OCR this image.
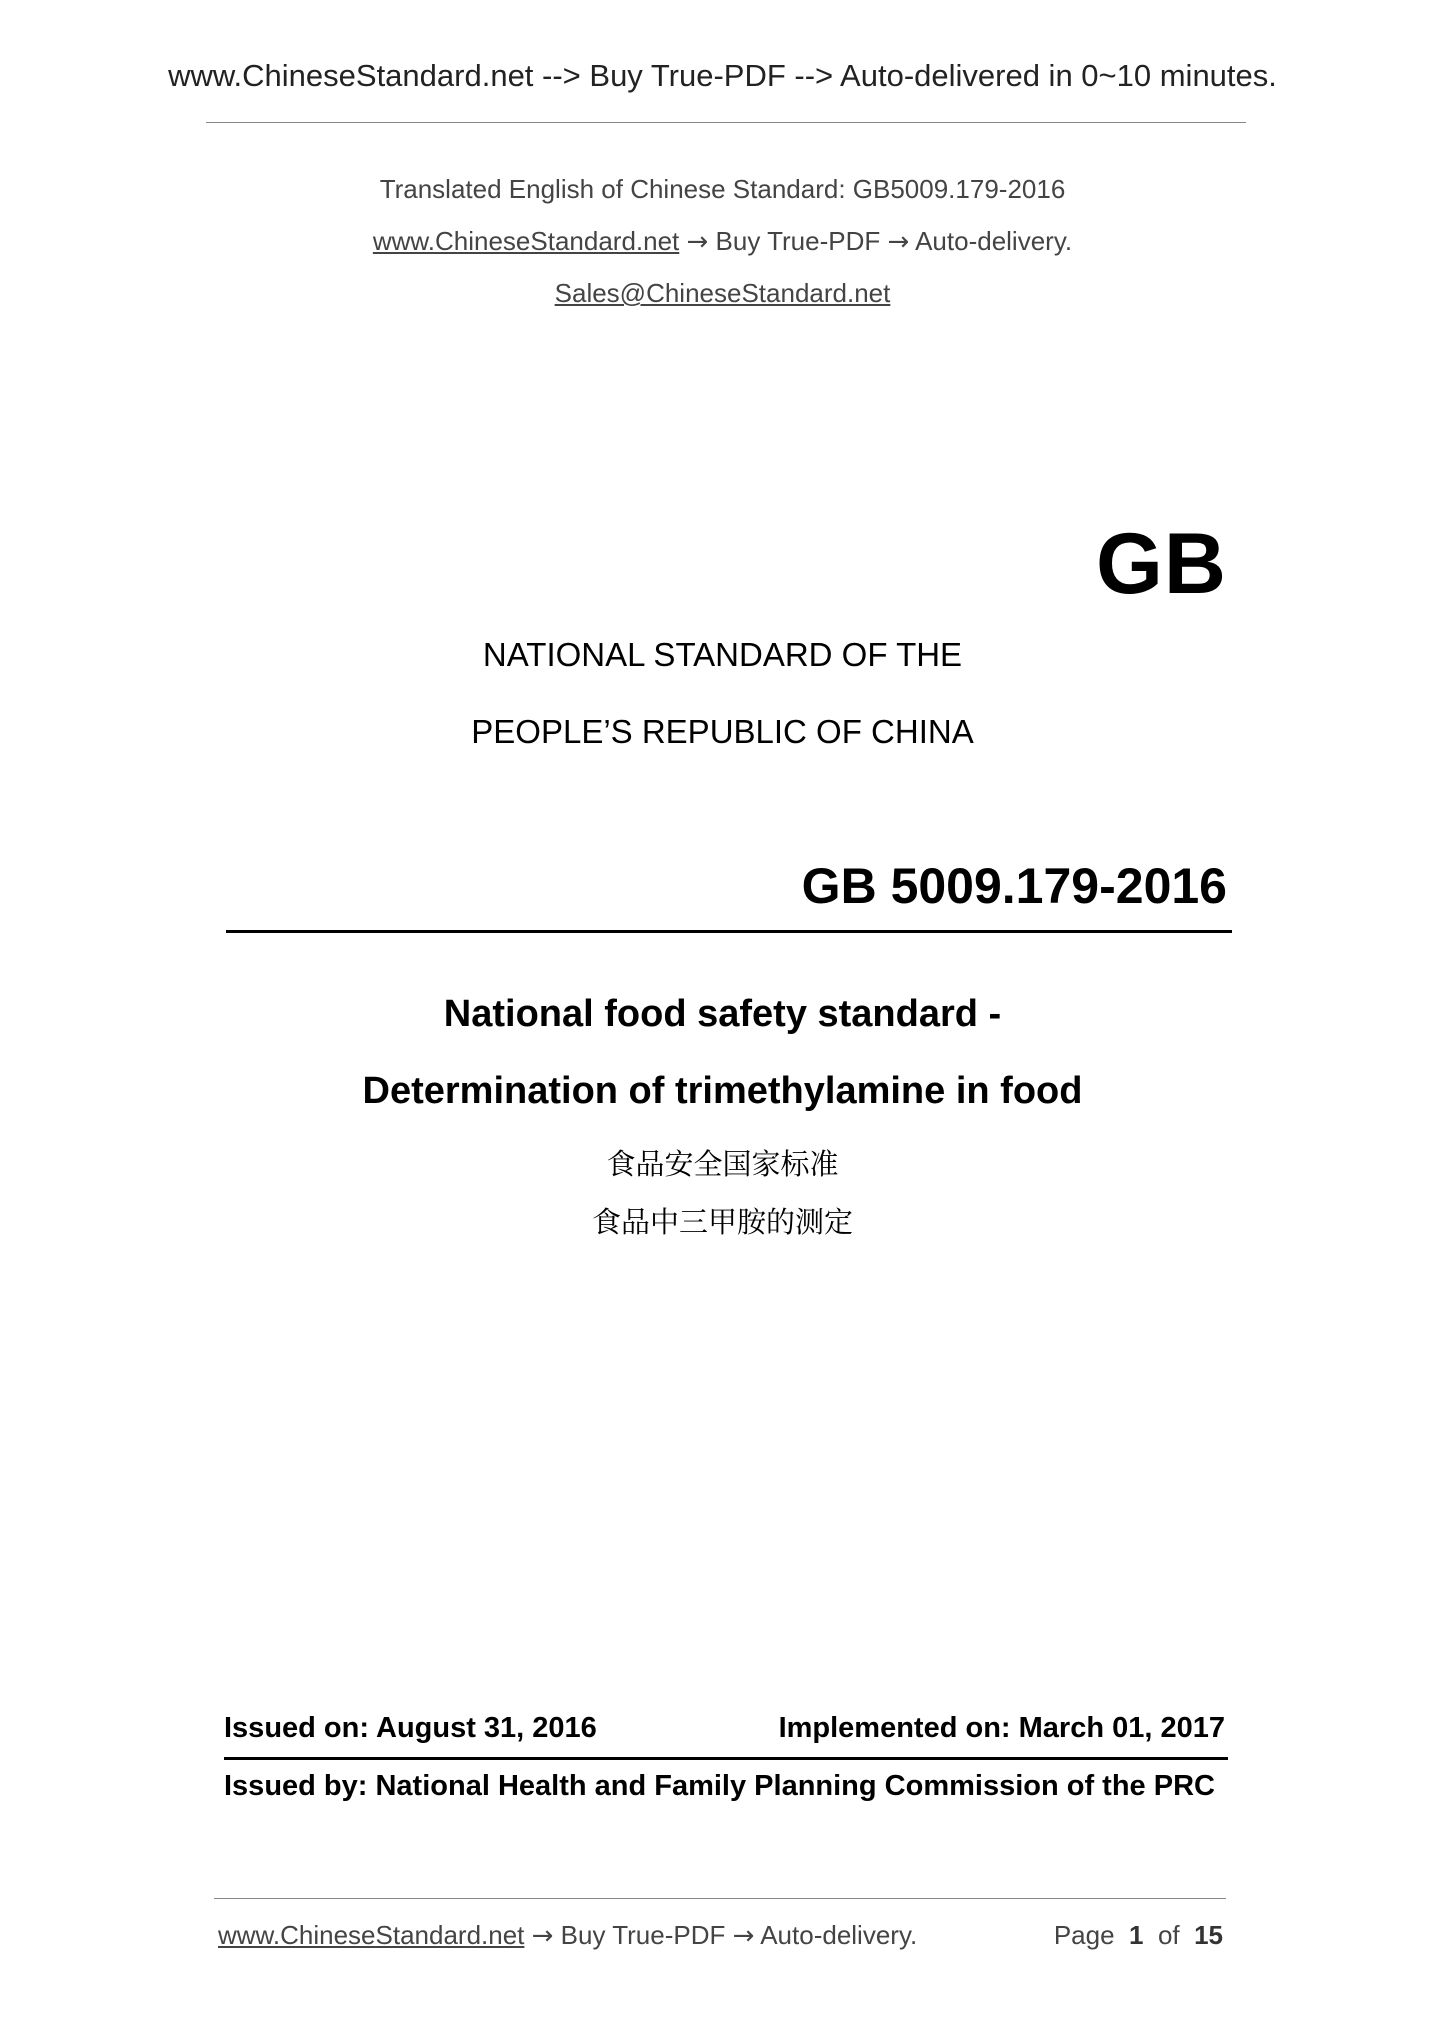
www.ChineseStandard.net --> Buy True-PDF --> Auto-delivered in 0~10 minutes.
Translated English of Chinese Standard: GB5009.179-2016
www.ChineseStandard.net → Buy True-PDF → Auto-delivery.
Sales@ChineseStandard.net
GB
NATIONAL STANDARD OF THE
PEOPLE’S REPUBLIC OF CHINA
GB 5009.179-2016
National food safety standard -
Determination of trimethylamine in food
食品安全国家标准
食品中三甲胺的测定
Issued on: August 31, 2016	Implemented on: March 01, 2017
Issued by: National Health and Family Planning Commission of the PRC
www.ChineseStandard.net → Buy True-PDF → Auto-delivery.	Page 1 of 15
